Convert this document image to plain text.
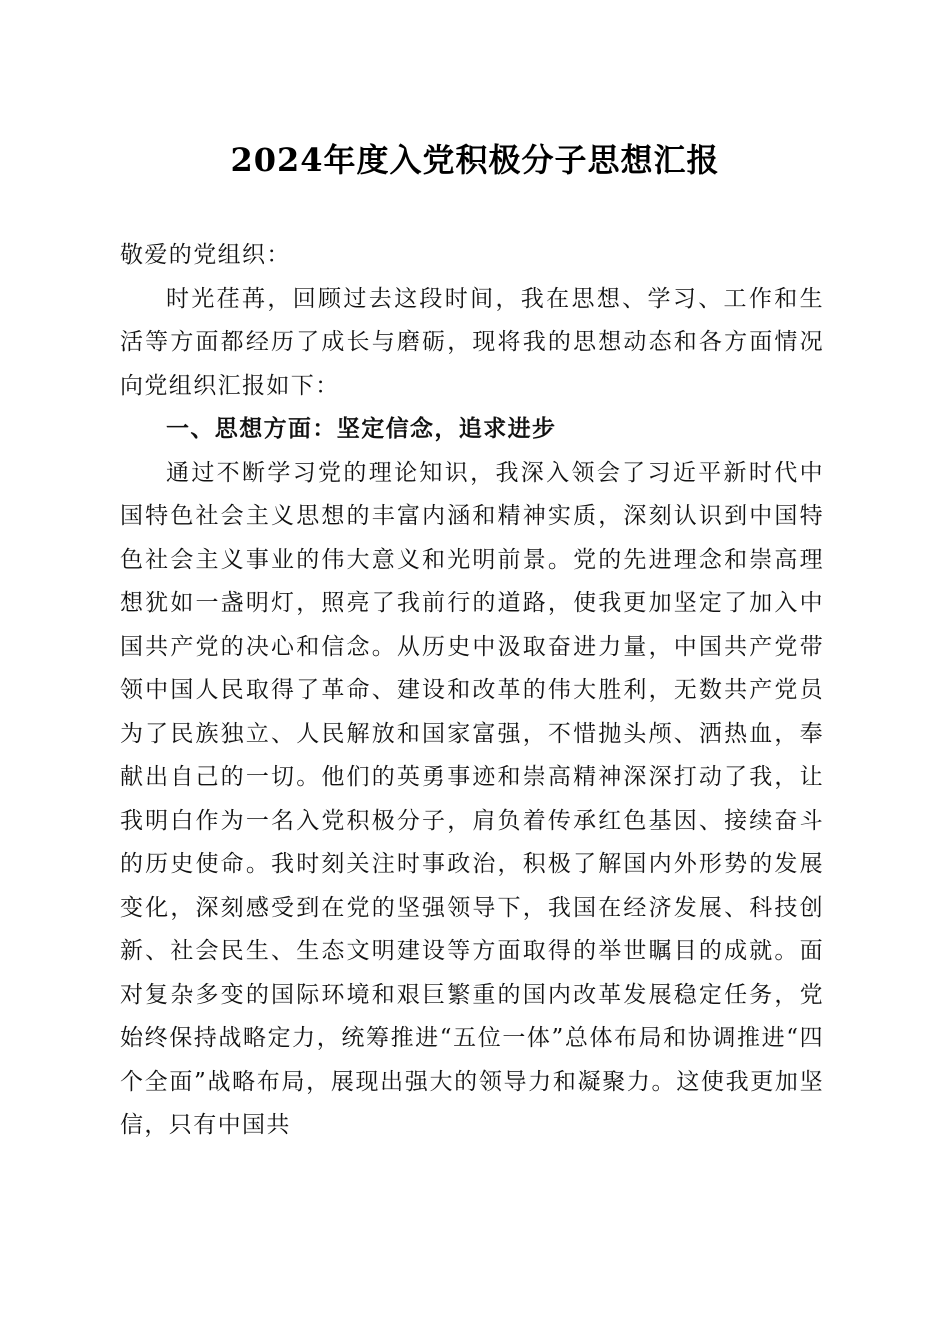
2024年度入党积极分子思想汇报

敬爱的党组织：

时光荏苒，回顾过去这段时间，我在思想、学习、工作和生活等方面都经历了成长与磨砺，现将我的思想动态和各方面情况向党组织汇报如下：

一、思想方面：坚定信念，追求进步

通过不断学习党的理论知识，我深入领会了习近平新时代中国特色社会主义思想的丰富内涵和精神实质，深刻认识到中国特色社会主义事业的伟大意义和光明前景。党的先进理念和崇高理想犹如一盏明灯，照亮了我前行的道路，使我更加坚定了加入中国共产党的决心和信念。从历史中汲取奋进力量，中国共产党带领中国人民取得了革命、建设和改革的伟大胜利，无数共产党员为了民族独立、人民解放和国家富强，不惜抛头颅、洒热血，奉献出自己的一切。他们的英勇事迹和崇高精神深深打动了我，让我明白作为一名入党积极分子，肩负着传承红色基因、接续奋斗的历史使命。我时刻关注时事政治，积极了解国内外形势的发展变化，深刻感受到在党的坚强领导下，我国在经济发展、科技创新、社会民生、生态文明建设等方面取得的举世瞩目的成就。面对复杂多变的国际环境和艰巨繁重的国内改革发展稳定任务，党始终保持战略定力，统筹推进“五位一体”总体布局和协调推进“四个全面”战略布局，展现出强大的领导力和凝聚力。这使我更加坚信，只有中国共
